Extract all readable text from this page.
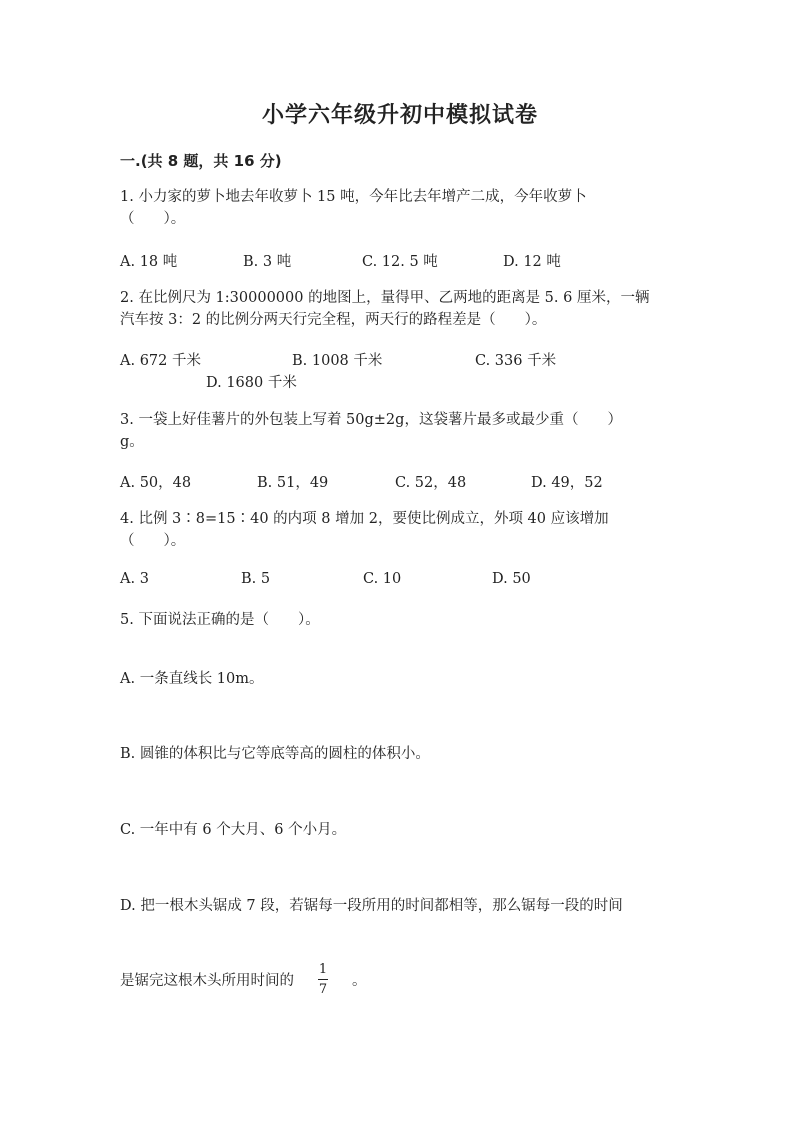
小学六年级升初中模拟试卷
一.(共 8 题，共 16 分)
1. 小力家的萝卜地去年收萝卜 15 吨，今年比去年增产二成，今年收萝卜
（　　）。
A. 18 吨	B. 3 吨	C. 12. 5 吨	D. 12 吨
2. 在比例尺为 1:30000000 的地图上，量得甲、乙两地的距离是 5. 6 厘米，一辆
汽车按 3：2 的比例分两天行完全程，两天行的路程差是（　　）。
A. 672 千米	B. 1008 千米	C. 336 千米
D. 1680 千米
3. 一袋上好佳薯片的外包装上写着 50g±2g，这袋薯片最多或最少重（　　）
g。
A. 50，48	B. 51，49	C. 52，48	D. 49，52
4. 比例 3∶8=15∶40 的内项 8 增加 2，要使比例成立，外项 40 应该增加
（　　）。
A. 3	B. 5	C. 10	D. 50
5. 下面说法正确的是（　　）。
A. 一条直线长 10m。
B. 圆锥的体积比与它等底等高的圆柱的体积小。
C. 一年中有 6 个大月、6 个小月。
D. 把一根木头锯成 7 段，若锯每一段所用的时间都相等，那么锯每一段的时间
是锯完这根木头所用时间的 $\frac{1}{7}$ 。
